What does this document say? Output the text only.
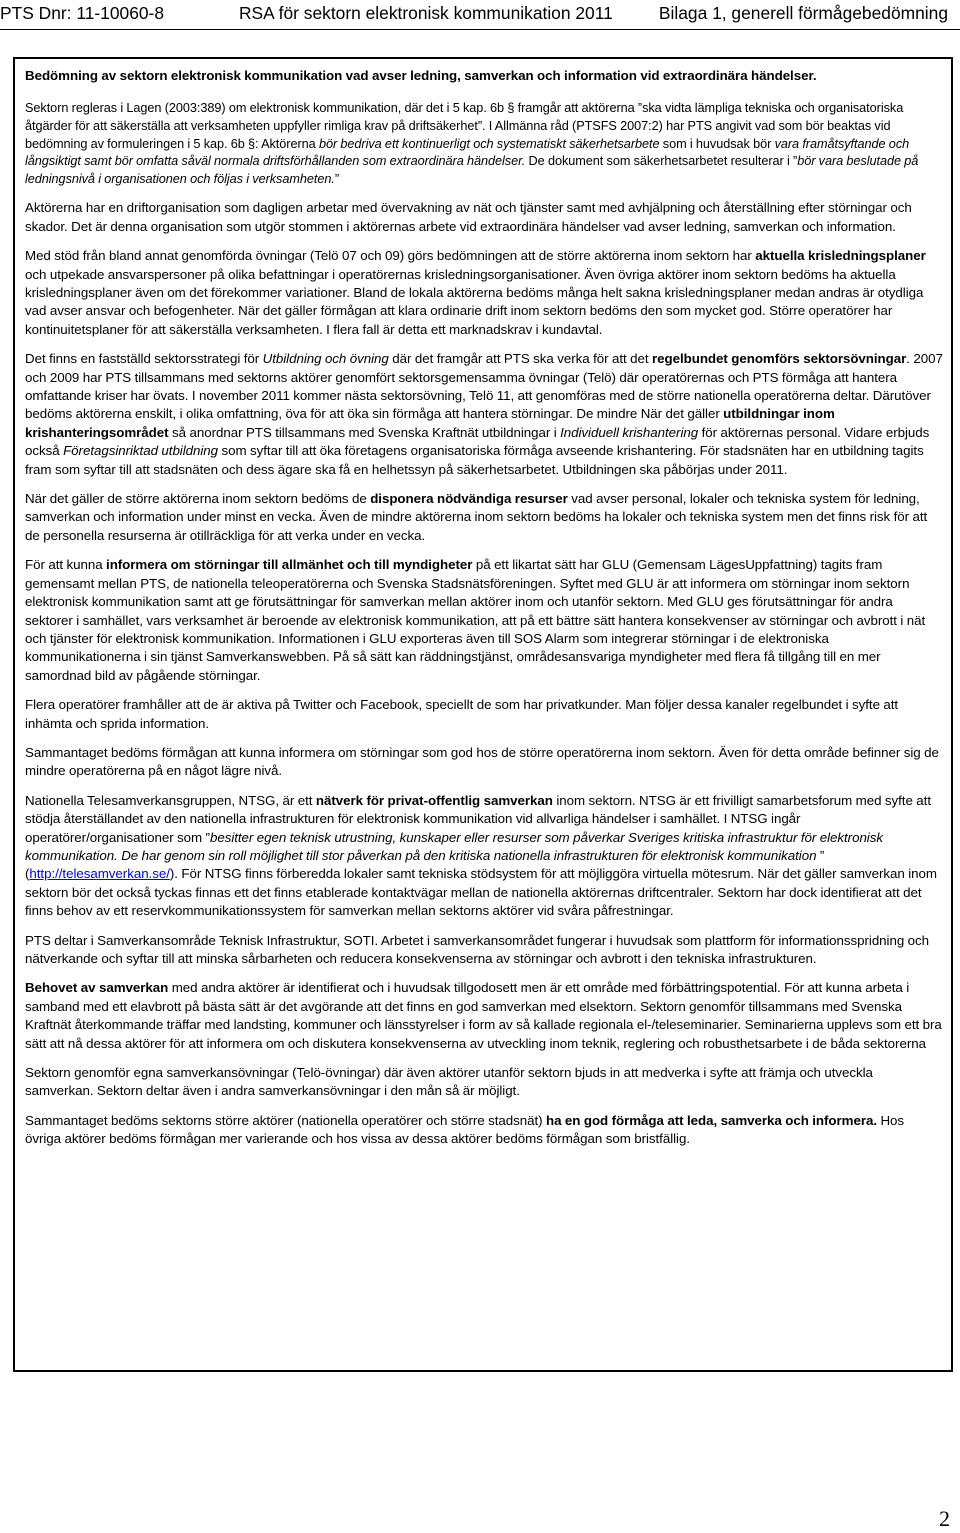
PTS Dnr: 11-10060-8	RSA för sektorn elektronisk kommunikation 2011	Bilaga 1, generell förmågebedömning

Bedömning av sektorn elektronisk kommunikation vad avser ledning, samverkan och information vid extraordinära händelser.

Sektorn regleras i Lagen (2003:389) om elektronisk kommunikation, där det i 5 kap. 6b § framgår att aktörerna ”ska vidta lämpliga tekniska och organisatoriska åtgärder för att säkerställa att verksamheten uppfyller rimliga krav på driftsäkerhet”. I Allmänna råd (PTSFS 2007:2) har PTS angivit vad som bör beaktas vid bedömning av formuleringen i 5 kap. 6b §: Aktörerna bör bedriva ett kontinuerligt och systematiskt säkerhetsarbete som i huvudsak bör vara framåtsyftande och långsiktigt samt bör omfatta såväl normala driftsförhållanden som extraordinära händelser. De dokument som säkerhetsarbetet resulterar i ”bör vara beslutade på ledningsnivå i organisationen och följas i verksamheten.”

Aktörerna har en driftorganisation som dagligen arbetar med övervakning av nät och tjänster samt med avhjälpning och återställning efter störningar och skador. Det är denna organisation som utgör stommen i aktörernas arbete vid extraordinära händelser vad avser ledning, samverkan och information.

Med stöd från bland annat genomförda övningar (Telö 07 och 09) görs bedömningen att de större aktörerna inom sektorn har aktuella krisledningsplaner och utpekade ansvarspersoner på olika befattningar i operatörernas krisledningsorganisationer. Även övriga aktörer inom sektorn bedöms ha aktuella krisledningsplaner även om det förekommer variationer. Bland de lokala aktörerna bedöms många helt sakna krisledningsplaner medan andras är otydliga vad avser ansvar och befogenheter. När det gäller förmågan att klara ordinarie drift inom sektorn bedöms den som mycket god. Större operatörer har kontinuitetsplaner för att säkerställa verksamheten. I flera fall är detta ett marknadskrav i kundavtal.

Det finns en fastställd sektorsstrategi för Utbildning och övning där det framgår att PTS ska verka för att det regelbundet genomförs sektorsövningar. 2007 och 2009 har PTS tillsammans med sektorns aktörer genomfört sektorsgemensamma övningar (Telö) där operatörernas och PTS förmåga att hantera omfattande kriser har övats. I november 2011 kommer nästa sektorsövning, Telö 11, att genomföras med de större nationella operatörerna deltar. Därutöver bedöms aktörerna enskilt, i olika omfattning, öva för att öka sin förmåga att hantera störningar. De mindre När det gäller utbildningar inom krishanteringsområdet så anordnar PTS tillsammans med Svenska Kraftnät utbildningar i Individuell krishantering för aktörernas personal. Vidare erbjuds också Företagsinriktad utbildning som syftar till att öka företagens organisatoriska förmåga avseende krishantering. För stadsnäten har en utbildning tagits fram som syftar till att stadsnäten och dess ägare ska få en helhetssyn på säkerhetsarbetet. Utbildningen ska påbörjas under 2011.

När det gäller de större aktörerna inom sektorn bedöms de disponera nödvändiga resurser vad avser personal, lokaler och tekniska system för ledning, samverkan och information under minst en vecka. Även de mindre aktörerna inom sektorn bedöms ha lokaler och tekniska system men det finns risk för att de personella resurserna är otillräckliga för att verka under en vecka.

För att kunna informera om störningar till allmänhet och till myndigheter på ett likartat sätt har GLU (Gemensam LägesUppfattning) tagits fram gemensamt mellan PTS, de nationella teleoperatörerna och Svenska Stadsnätsföreningen. Syftet med GLU är att informera om störningar inom sektorn elektronisk kommunikation samt att ge förutsättningar för samverkan mellan aktörer inom och utanför sektorn. Med GLU ges förutsättningar för andra sektorer i samhället, vars verksamhet är beroende av elektronisk kommunikation, att på ett bättre sätt hantera konsekvenser av störningar och avbrott i nät och tjänster för elektronisk kommunikation. Informationen i GLU exporteras även till SOS Alarm som integrerar störningar i de elektroniska kommunikationerna i sin tjänst Samverkanswebben. På så sätt kan räddningstjänst, områdesansvariga myndigheter med flera få tillgång till en mer samordnad bild av pågående störningar.

Flera operatörer framhåller att de är aktiva på Twitter och Facebook, speciellt de som har privatkunder. Man följer dessa kanaler regelbundet i syfte att inhämta och sprida information.

Sammantaget bedöms förmågan att kunna informera om störningar som god hos de större operatörerna inom sektorn. Även för detta område befinner sig de mindre operatörerna på en något lägre nivå.

Nationella Telesamverkansgruppen, NTSG, är ett nätverk för privat-offentlig samverkan inom sektorn. NTSG är ett frivilligt samarbetsforum med syfte att stödja återställandet av den nationella infrastrukturen för elektronisk kommunikation vid allvarliga händelser i samhället. I NTSG ingår operatörer/organisationer som ”besitter egen teknisk utrustning, kunskaper eller resurser som påverkar Sveriges kritiska infrastruktur för elektronisk kommunikation. De har genom sin roll möjlighet till stor påverkan på den kritiska nationella infrastrukturen för elektronisk kommunikation ” (http://telesamverkan.se/). För NTSG finns förberedda lokaler samt tekniska stödsystem för att möjliggöra virtuella mötesrum. När det gäller samverkan inom sektorn bör det också tyckas finnas ett det finns etablerade kontaktvägar mellan de nationella aktörernas driftcentraler. Sektorn har dock identifierat att det finns behov av ett reservkommunikationssystem för samverkan mellan sektorns aktörer vid svåra påfrestningar.

PTS deltar i Samverkansområde Teknisk Infrastruktur, SOTI. Arbetet i samverkansområdet fungerar i huvudsak som plattform för informationsspridning och nätverkande och syftar till att minska sårbarheten och reducera konsekvenserna av störningar och avbrott i den tekniska infrastrukturen.

Behovet av samverkan med andra aktörer är identifierat och i huvudsak tillgodosett men är ett område med förbättringspotential. För att kunna arbeta i samband med ett elavbrott på bästa sätt är det avgörande att det finns en god samverkan med elsektorn. Sektorn genomför tillsammans med Svenska Kraftnät återkommande träffar med landsting, kommuner och länsstyrelser i form av så kallade regionala el-/teleseminarier. Seminarierna upplevs som ett bra sätt att nå dessa aktörer för att informera om och diskutera konsekvenserna av utveckling inom teknik, reglering och robusthetsarbete i de båda sektorerna

Sektorn genomför egna samverkansövningar (Telö-övningar) där även aktörer utanför sektorn bjuds in att medverka i syfte att främja och utveckla samverkan. Sektorn deltar även i andra samverkansövningar i den mån så är möjligt.

Sammantaget bedöms sektorns större aktörer (nationella operatörer och större stadsnät) ha en god förmåga att leda, samverka och informera. Hos övriga aktörer bedöms förmågan mer varierande och hos vissa av dessa aktörer bedöms förmågan som bristfällig.

2
